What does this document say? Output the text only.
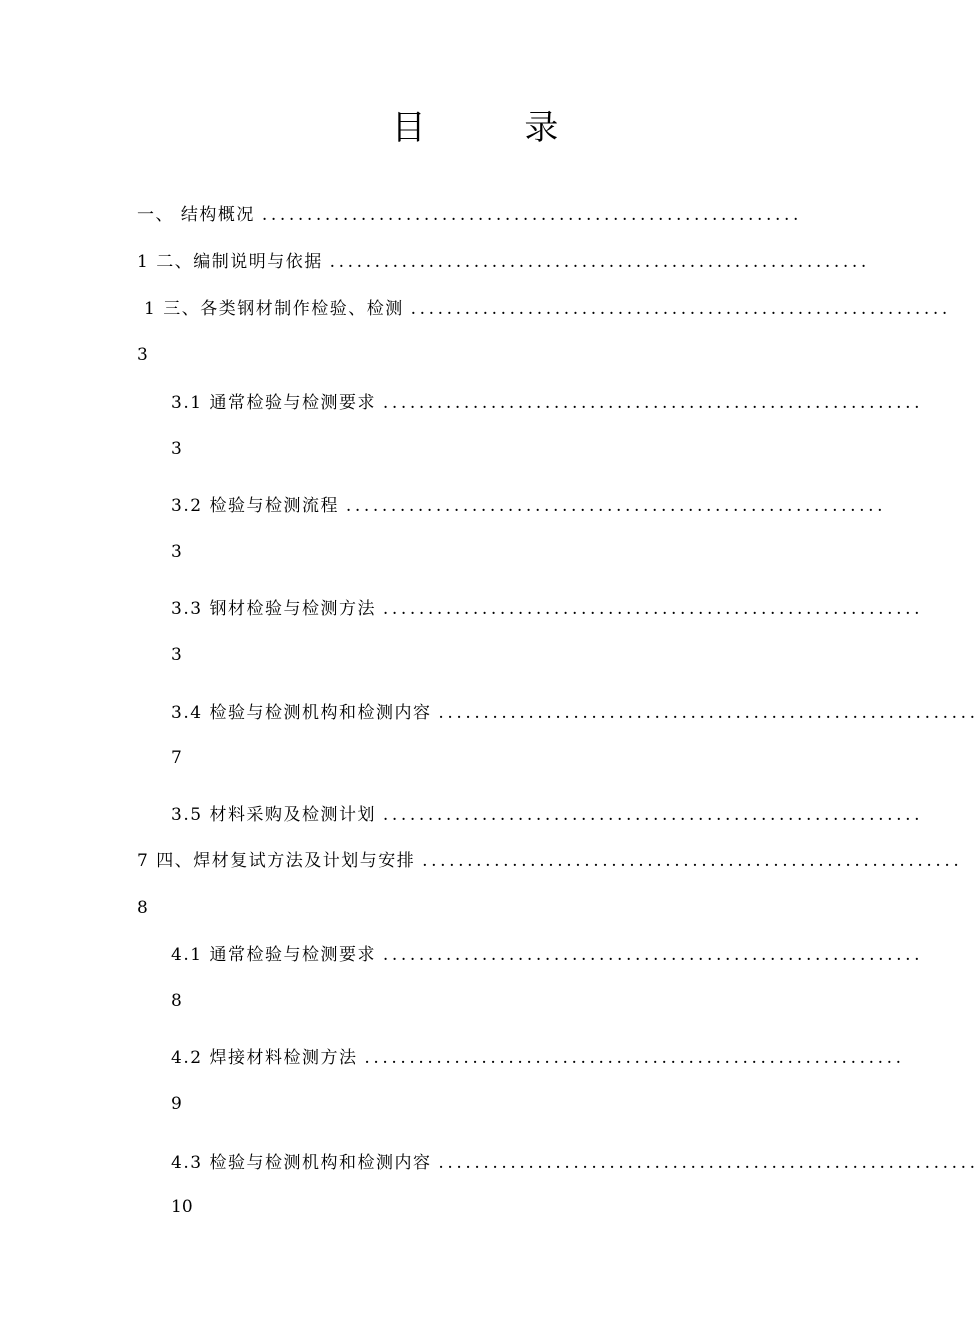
目 录
一、 结构概况 ............................................................
1 二、编制说明与依据 ............................................................
1 三、各类钢材制作检验、检测 ............................................................
3
3.1 通常检验与检测要求 ............................................................
3
3.2 检验与检测流程 ............................................................
3
3.3 钢材检验与检测方法 ............................................................
3
3.4 检验与检测机构和检测内容 ............................................................
7
3.5 材料采购及检测计划 ............................................................
7 四、焊材复试方法及计划与安排 ............................................................
8
4.1 通常检验与检测要求 ............................................................
8
4.2 焊接材料检测方法 ............................................................
9
4.3 检验与检测机构和检测内容 ............................................................
10
